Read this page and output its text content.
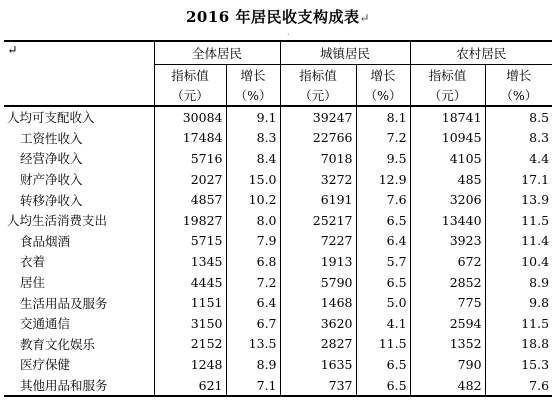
2016 年居民收支构成表↵
·
↵	全体居民		城镇居民		农村居民	
	指标值	增长	指标值	增长	指标值	增长
	（元）	（%）	（元）	（%）	（元）	（%）
人均可支配收入	30084	9.1	39247	8.1	18741	8.5
工资性收入	17484	8.3	22766	7.2	10945	8.3
经营净收入	5716	8.4	7018	9.5	4105	4.4
财产净收入	2027	15.0	3272	12.9	485	17.1
转移净收入	4857	10.2	6191	7.6	3206	13.9
人均生活消费支出	19827	8.0	25217	6.5	13440	11.5
食品烟酒	5715	7.9	7227	6.4	3923	11.4
衣着	1345	6.8	1913	5.7	672	10.4
居住	4445	7.2	5790	6.5	2852	8.9
生活用品及服务	1151	6.4	1468	5.0	775	9.8
交通通信	3150	6.7	3620	4.1	2594	11.5
教育文化娱乐	2152	13.5	2827	11.5	1352	18.8
医疗保健	1248	8.9	1635	6.5	790	15.3
其他用品和服务	621	7.1	737	6.5	482	7.6
